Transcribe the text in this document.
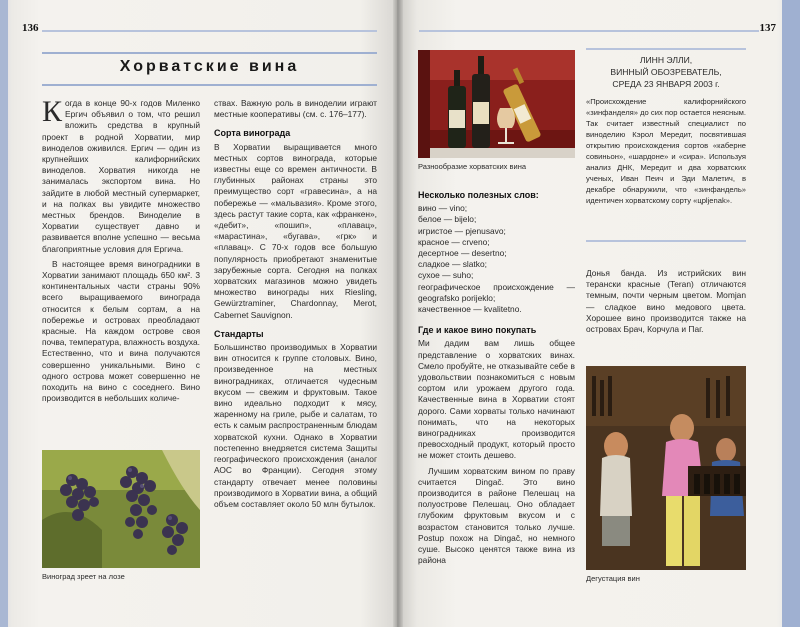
136
Хорватские вина

Когда в конце 90-х годов Миленко Ергич объявил о том, что решил вложить средства в крупный проект в родной Хорватии, мир виноделов оживился. Ергич — один из крупнейших калифорнийских виноделов. Хорватия никогда не занималась экспортом вина. Но зайдите в любой местный супермаркет, и на полках вы увидите множество местных брендов. Виноделие в Хорватии существует давно и развивается вполне успешно — весьма благоприятные условия для Ергича.

В настоящее время виноградники в Хорватии занимают площадь 650 км². 3 континентальных части страны 90% всего выращиваемого винограда относится к белым сортам, а на побережье и островах преобладают красные. На каждом острове своя почва, температура, влажность воздуха. Естественно, что и вина получаются совершенно уникальными. Вино с одного острова может совершенно не походить на вино с соседнего. Вино производится в небольших количе-

ствах. Важную роль в виноделии играют местные кооперативы (см. с. 176–177).

Сорта винограда

В Хорватии выращивается много местных сортов винограда, которые известны еще со времен античности. В глубинных районах страны это преимущество сорт «гравесина», а на побережье — «мальвазия». Кроме этого, здесь растут такие сорта, как «франкен», «дебит», «пошип», «плавац», «марастина», «бугава», «грк» и «плавац». С 70-х годов все большую популярность приобретают знаменитые зарубежные сорта. Сегодня на полках хорватских магазинов можно увидеть множество винограды них Riesling, Gewürztraminer, Chardonnay, Merot, Cabernet Sauvignon.

Стандарты

Большинство производимых в Хорватии вин относится к группе столовых. Вино, произведенное на местных виноградниках, отличается чудесным вкусом — свежим и фруктовым. Такое вино идеально подходит к мясу, жаренному на гриле, рыбе и салатам, то есть к самым распространенным блюдам хорватской кухни. Однако в Хорватии постепенно внедряется система Защиты географического происхождения (аналог АОС во Франции). Сегодня этому стандарту отвечает менее половины производимого в Хорватии вина, а общий объем составляет около 50 млн бутылок.

Виноград зреет на лозе
137
Разнообразие хорватских вина
Несколько полезных слов:
вино — vino;
белое — bijelo;
игристое — pjenusavo;
красное — crveno;
десертное — desertno;
сладкое — slatko;
сухое — suho;
географическое происхождение — geografsko porijeklo;
качественное — kvalitetno.
Где и какое вино покупать

Ми дадим вам лишь общее представление о хорватских винах. Смело пробуйте, не отказывайте себе в удовольствии познакомиться с новым сортом или урожаем другого года. Качественные вина в Хорватии стоят дорого. Сами хорваты только начинают понимать, что на некоторых виноградниках производится превосходный продукт, который просто не может стоить дешево.

Лучшим хорватским вином по праву считается Dingač. Это вино производится в районе Пелешац на полуострове Пелешац. Оно обладает глубоким фруктовым вкусом и с возрастом становится только лучше. Postup похож на Dingač, но немного суше. Высоко ценятся также вина из района

ЛИНН ЭЛЛИ,
ВИННЫЙ ОБОЗРЕВАТЕЛЬ,
СРЕДА 23 ЯНВАРЯ 2003 г.
«Происхождение калифорнийского «зинфанделя» до сих пор остается неясным. Так считает известный специалист по виноделию Кэрол Мередит, посвятившая открытию происхождения сортов «каберне совиньон», «шардоне» и «сира». Используя анализ ДНК, Мередит и два хорватских ученых, Иван Пеич и Эди Малетич, в декабре обнаружили, что «зинфандель» идентичен хорватскому сорту «црljenak».
Донья банда. Из истрийских вин терански красные (Teran) отличаются темным, почти черным цветом. Momjan — сладкое вино медового цвета. Хорошее вино производится также на островах Брач, Корчула и Паг.
Дегустация вин
